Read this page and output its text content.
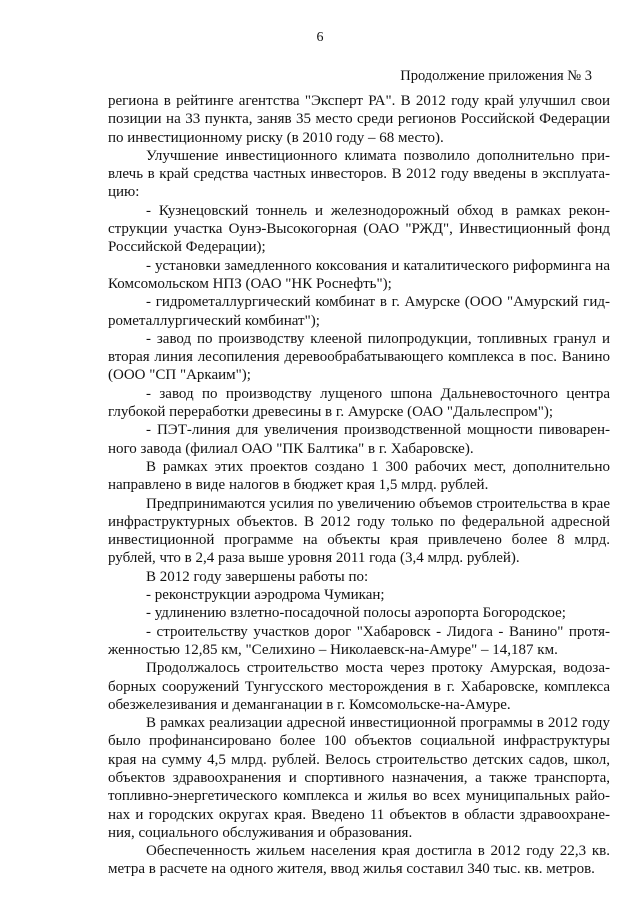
6
Продолжение приложения № 3

региона в рейтинге агентства "Эксперт РА". В 2012 году край улучшил свои позиции на 33 пункта, заняв 35 место среди регионов Российской Федерации по инвестиционному риску (в 2010 году – 68 место).

Улучшение инвестиционного климата позволило дополнительно привлечь в край средства частных инвесторов. В 2012 году введены в эксплуатацию:

- Кузнецовский тоннель и железнодорожный обход в рамках реконструкции участка Оунэ-Высокогорная (ОАО "РЖД", Инвестиционный фонд Российской Федерации);

- установки замедленного коксования и каталитического риформинга на Комсомольском НПЗ (ОАО "НК Роснефть");

- гидрометаллургический комбинат в г. Амурске (ООО "Амурский гидрометаллургический комбинат");

- завод по производству клееной пилопродукции, топливных гранул и вторая линия лесопиления деревообрабатывающего комплекса в пос. Ванино (ООО "СП "Аркаим");

- завод по производству лущеного шпона Дальневосточного центра глубокой переработки древесины в г. Амурске (ОАО "Дальлеспром");

- ПЭТ-линия для увеличения производственной мощности пивоваренного завода (филиал ОАО "ПК Балтика" в г. Хабаровске).

В рамках этих проектов создано 1 300 рабочих мест, дополнительно направлено в виде налогов в бюджет края 1,5 млрд. рублей.

Предпринимаются усилия по увеличению объемов строительства в крае инфраструктурных объектов. В 2012 году только по федеральной адресной инвестиционной программе на объекты края привлечено более 8 млрд. рублей, что в 2,4 раза выше уровня 2011 года (3,4 млрд. рублей).

В 2012 году завершены работы по:

- реконструкции аэродрома Чумикан;

- удлинению взлетно-посадочной полосы аэропорта Богородское;

- строительству участков дорог "Хабаровск - Лидога - Ванино" протяженностью 12,85 км, "Селихино – Николаевск-на-Амуре" – 14,187 км.

Продолжалось строительство моста через протоку Амурская, водозаборных сооружений Тунгусского месторождения в г. Хабаровске, комплекса обезжелезивания и деманганации в г. Комсомольске-на-Амуре.

В рамках реализации адресной инвестиционной программы в 2012 году было профинансировано более 100 объектов социальной инфраструктуры края на сумму 4,5 млрд. рублей. Велось строительство детских садов, школ, объектов здравоохранения и спортивного назначения, а также транспорта, топливно-энергетического комплекса и жилья во всех муниципальных районах и городских округах края. Введено 11 объектов в области здравоохранения, социального обслуживания и образования.

Обеспеченность жильем населения края достигла в 2012 году 22,3 кв. метра в расчете на одного жителя, ввод жилья составил 340 тыс. кв. метров.
